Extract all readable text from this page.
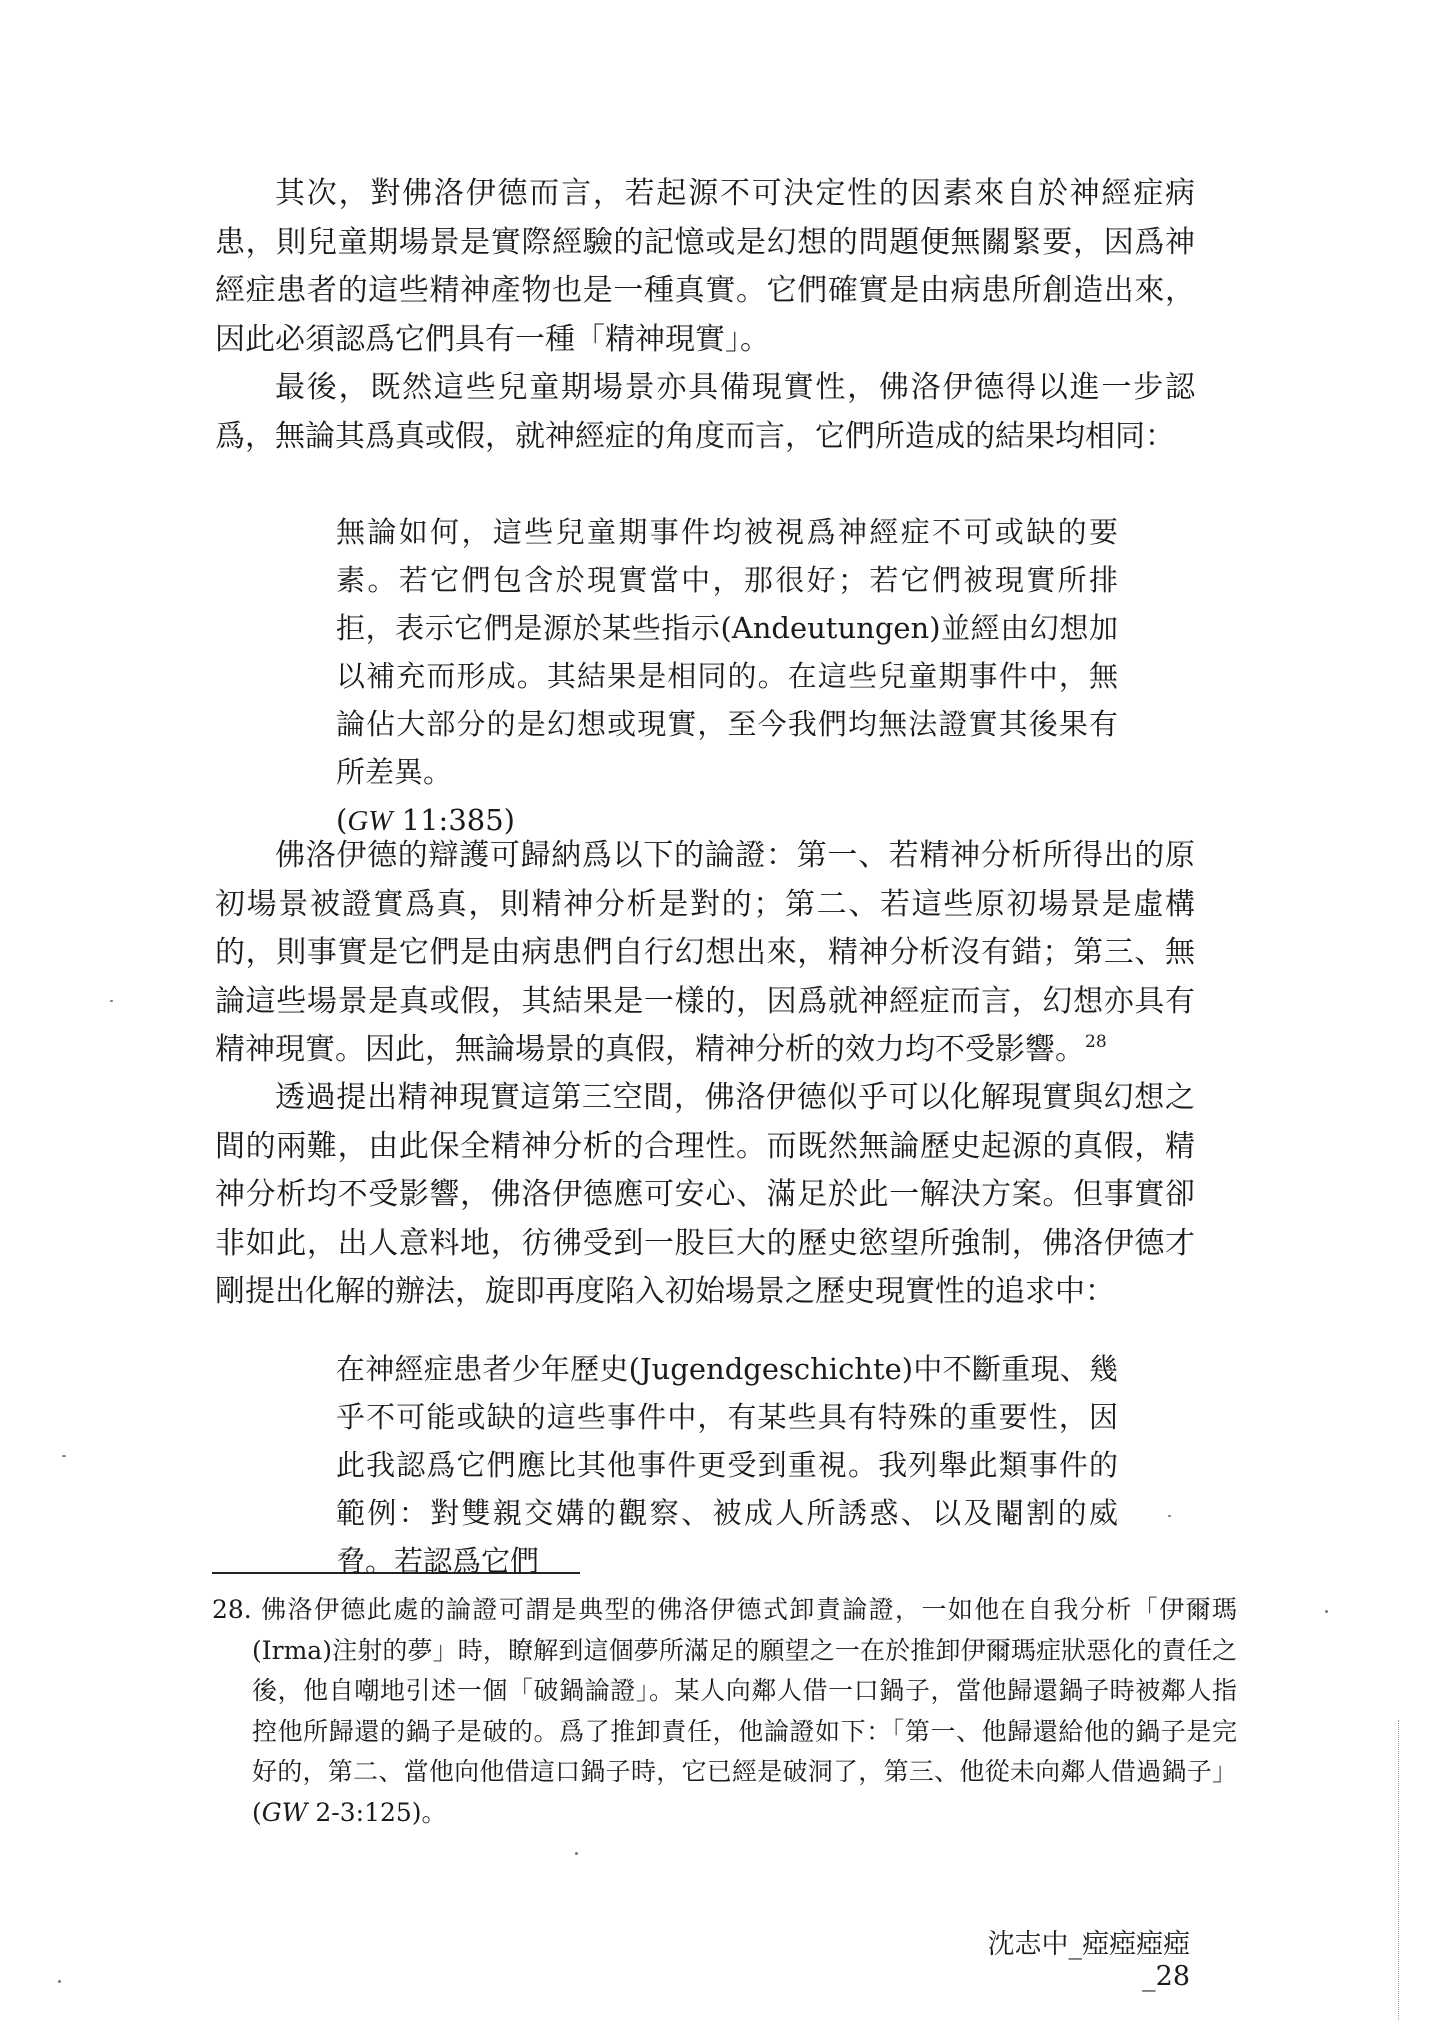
其次，對佛洛伊德而言，若起源不可決定性的因素來自於神經症病患，則兒童期場景是實際經驗的記憶或是幻想的問題便無關緊要，因爲神經症患者的這些精神產物也是一種真實。它們確實是由病患所創造出來，因此必須認爲它們具有一種「精神現實」。

最後，既然這些兒童期場景亦具備現實性，佛洛伊德得以進一步認爲，無論其爲真或假，就神經症的角度而言，它們所造成的結果均相同：

無論如何，這些兒童期事件均被視爲神經症不可或缺的要素。若它們包含於現實當中，那很好；若它們被現實所排拒，表示它們是源於某些指示(Andeutungen)並經由幻想加以補充而形成。其結果是相同的。在這些兒童期事件中，無論佔大部分的是幻想或現實，至今我們均無法證實其後果有所差異。
(GW 11:385)

佛洛伊德的辯護可歸納爲以下的論證：第一、若精神分析所得出的原初場景被證實爲真，則精神分析是對的；第二、若這些原初場景是虛構的，則事實是它們是由病患們自行幻想出來，精神分析沒有錯；第三、無論這些場景是真或假，其結果是一樣的，因爲就神經症而言，幻想亦具有精神現實。因此，無論場景的真假，精神分析的效力均不受影響。$^{28}$

透過提出精神現實這第三空間，佛洛伊德似乎可以化解現實與幻想之間的兩難，由此保全精神分析的合理性。而既然無論歷史起源的真假，精神分析均不受影響，佛洛伊德應可安心、滿足於此一解決方案。但事實卻非如此，出人意料地，彷彿受到一股巨大的歷史慾望所強制，佛洛伊德才剛提出化解的辦法，旋即再度陷入初始場景之歷史現實性的追求中：

在神經症患者少年歷史(Jugendgeschichte)中不斷重現、幾乎不可能或缺的這些事件中，有某些具有特殊的重要性，因此我認爲它們應比其他事件更受到重視。我列舉此類事件的範例：對雙親交媾的觀察、被成人所誘惑、以及閹割的威脅。若認爲它們

28. 佛洛伊德此處的論證可謂是典型的佛洛伊德式卸責論證，一如他在自我分析「伊爾瑪(Irma)注射的夢」時，瞭解到這個夢所滿足的願望之一在於推卸伊爾瑪症狀惡化的責任之後，他自嘲地引述一個「破鍋論證」。某人向鄰人借一口鍋子，當他歸還鍋子時被鄰人指控他所歸還的鍋子是破的。爲了推卸責任，他論證如下：「第一、他歸還給他的鍋子是完好的，第二、當他向他借這口鍋子時，它已經是破洞了，第三、他從未向鄰人借過鍋子」(GW 2-3:125)。

沈志中_瘂瘂瘂瘂_28
